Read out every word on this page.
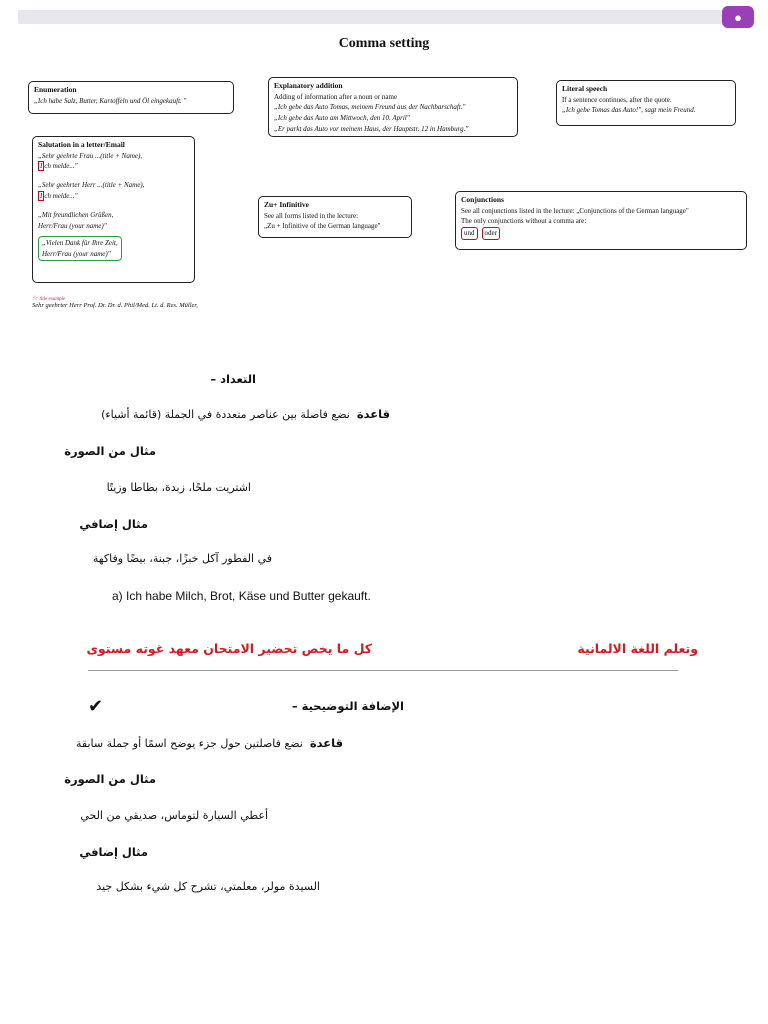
●
Comma setting
Enumeration
„Ich habe Salz, Butter, Kartoffeln und Öl eingekauft. "
Explanatory addition
Adding of information after a noun or name
„Ich gebe das Auto Tomas, meinem Freund aus der Nachbarschaft."
„Ich gebe das Auto am Mittwoch, den 10. April"
„Er parkt das Auto vor meinem Haus, der Hauptstr. 12 in Hamburg."
Literal speech
If a sentence continues, after the quote.
„Ich gebe Tomas das Auto!", sagt mein Freund.
Salutation in a letter/Email
„Sehr geehrte Frau ...(title + Name),
I ch melde..."
„Sehr geehrter Herr ...(title + Name),
I ch melde..."
„Mit freundlichen Grüßen,
Herr/Frau (your name)"
„Vielen Dank für Ihre Zeit,
Herr/Frau (your name)"
Zu+ Infinitive
See all forms listed in the lecture:
„Zu + Infinitive of the German language"
Conjunctions
See all conjunctions listed in the lecture: „Conjunctions of the German language"
The only conjunctions without a comma are:
und oder
☆ title example
Sehr geehrter Herr Prof. Dr. Dr. d. Phil/Med. Lt. d. Res. Müller,
التعداد –
قاعدة  نضع فاصلة بين عناصر متعددة في الجملة (قائمة أشياء)
مثال من الصورة
اشتريت ملحًا، زبدة، بطاطا وزيتًا
مثال إضافي
في الفطور آكل خبزًا، جبنة، بيضًا وفاكهة
a) Ich habe Milch, Brot, Käse und Butter gekauft.
وتعلم اللغة الالمانية
كل ما يخص تحضير الامتحان معهد غوته مستوى
✔	الإضافة التوضيحية –
قاعدة  نضع فاصلتين حول جزء يوضح اسمًا أو جملة سابقة
مثال من الصورة
أعطي السيارة لتوماس، صديقي من الحي
مثال إضافي
السيدة مولر، معلمتي، تشرح كل شيء بشكل جيد
